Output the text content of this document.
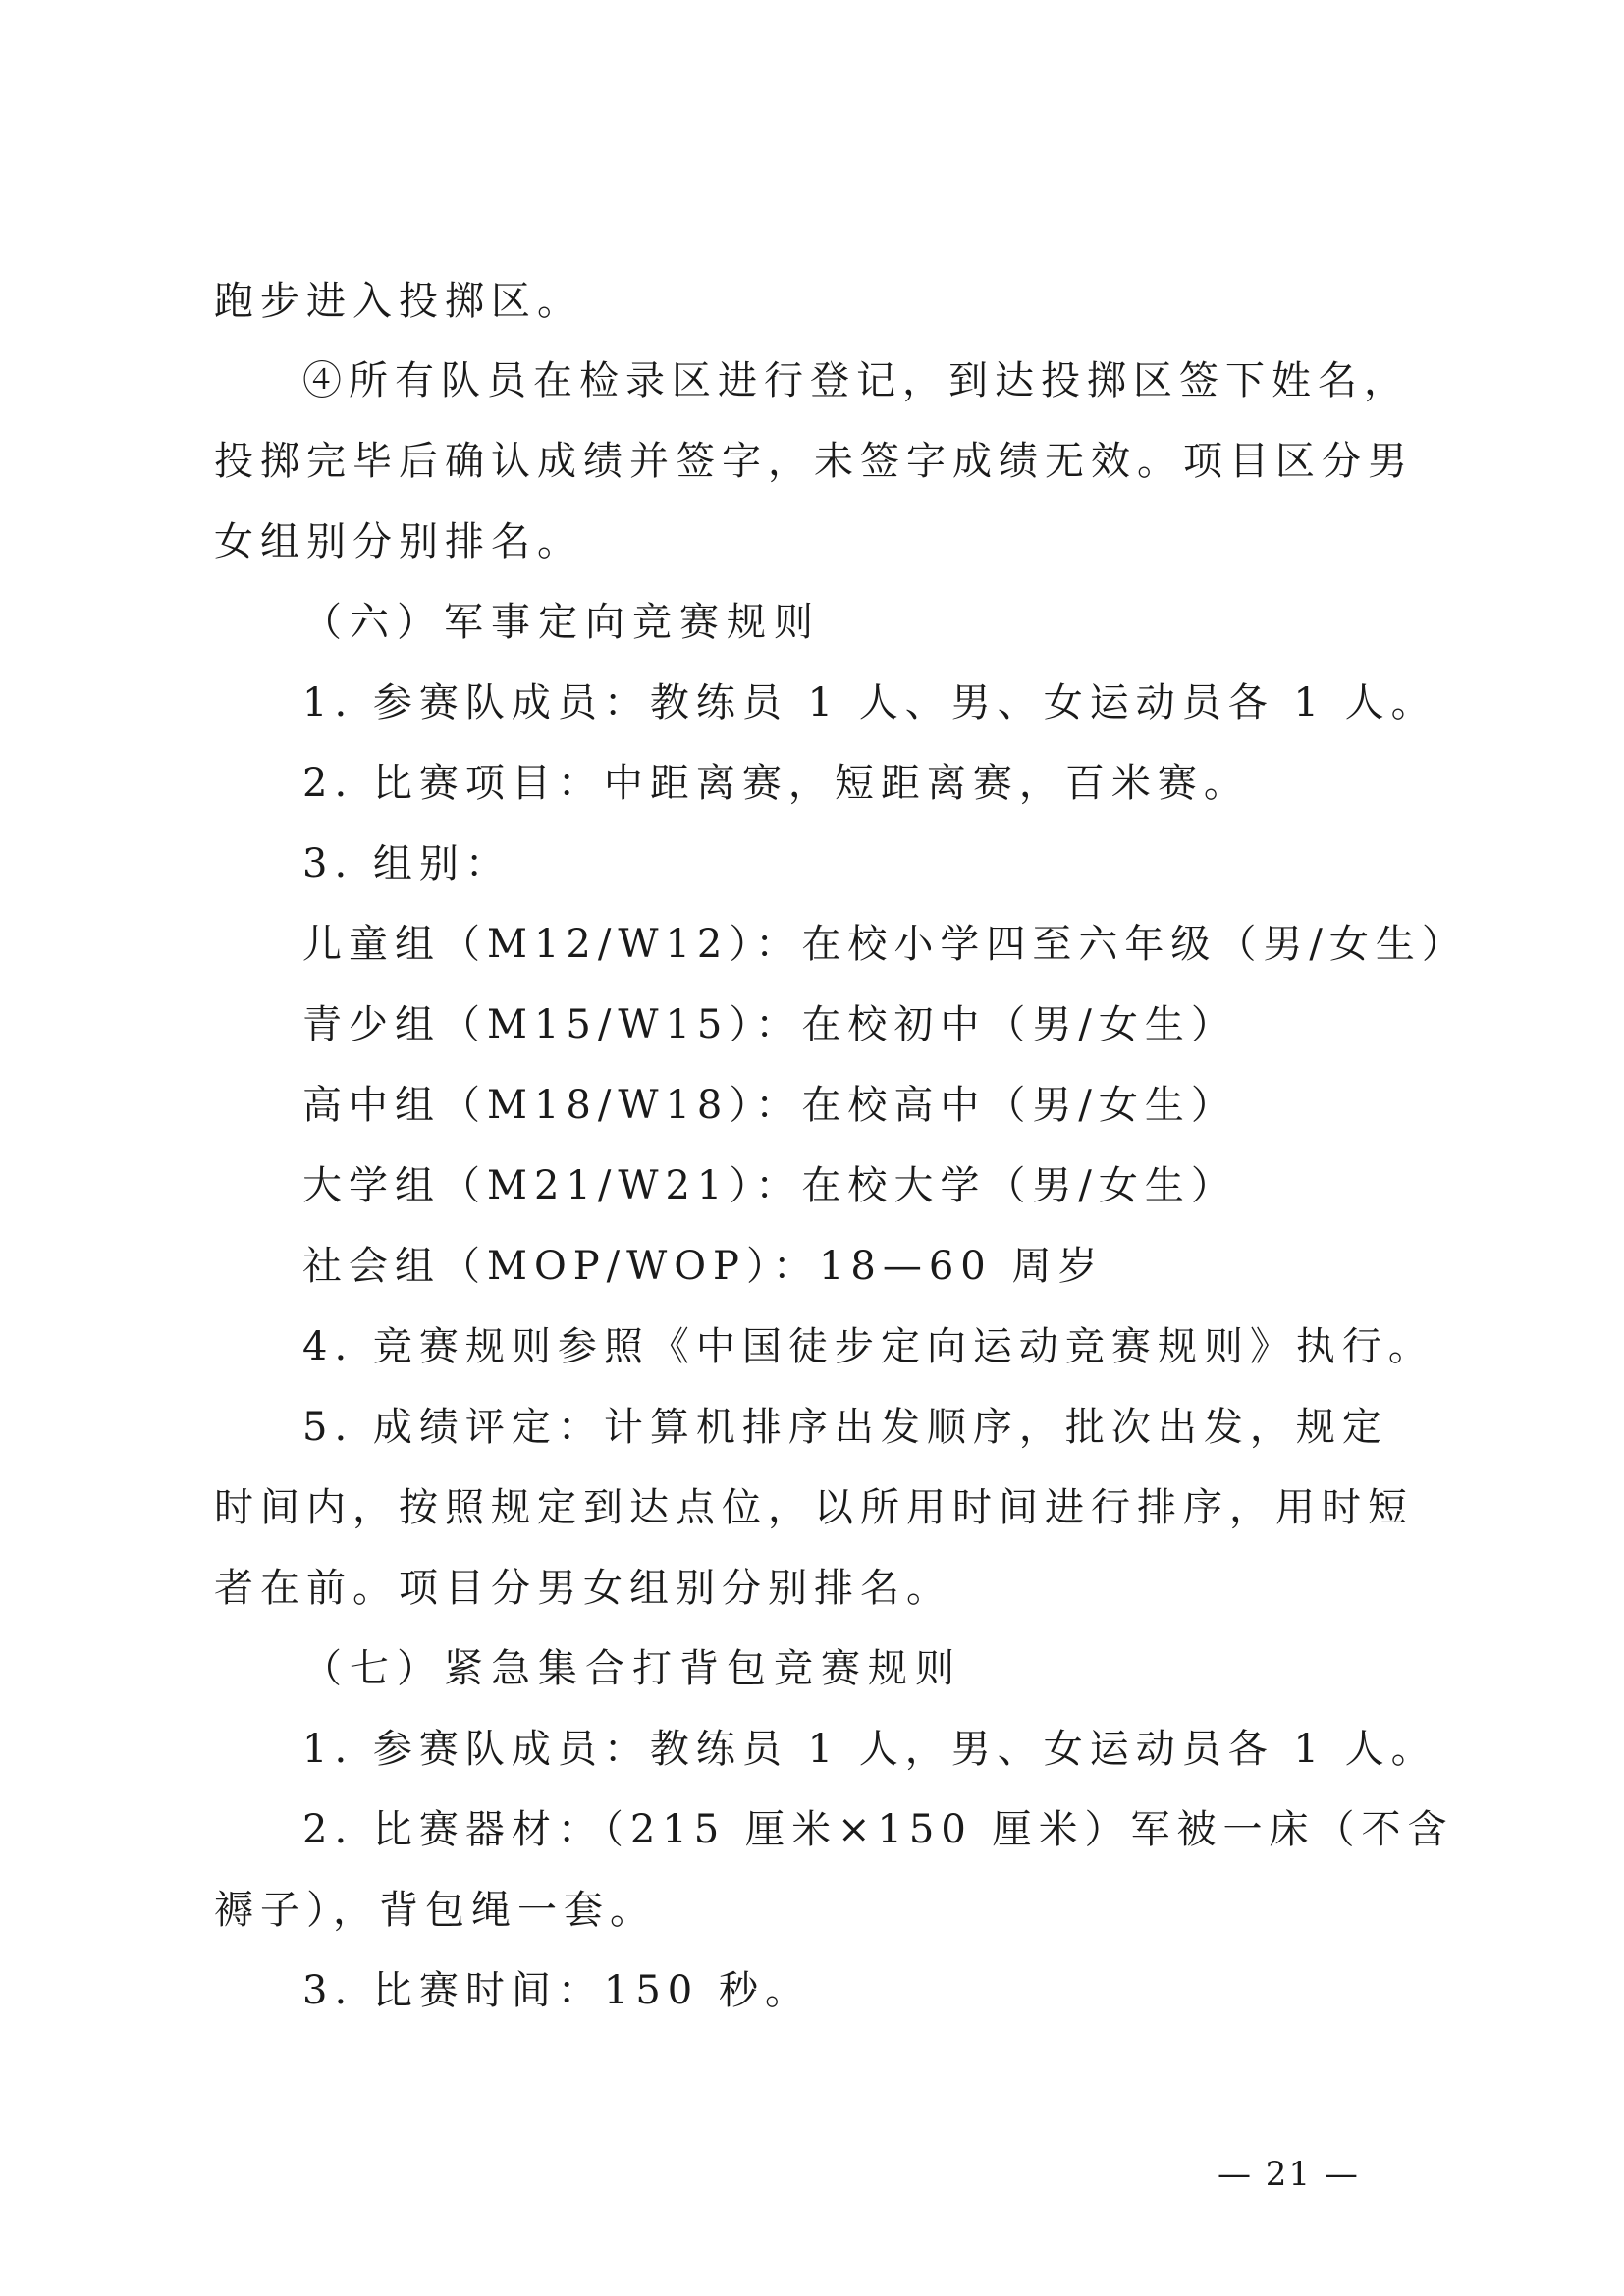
跑步进入投掷区。
④所有队员在检录区进行登记，到达投掷区签下姓名，
投掷完毕后确认成绩并签字，未签字成绩无效。项目区分男
女组别分别排名。
（六）军事定向竞赛规则
1. 参赛队成员：教练员 1 人、男、女运动员各 1 人。
2. 比赛项目：中距离赛，短距离赛，百米赛。
3. 组别：
儿童组（M12/W12）：在校小学四至六年级（男/女生）
青少组（M15/W15）：在校初中（男/女生）
高中组（M18/W18）：在校高中（男/女生）
大学组（M21/W21）：在校大学（男/女生）
社会组（MOP/WOP）：18—60 周岁
4. 竞赛规则参照《中国徒步定向运动竞赛规则》执行。
5. 成绩评定：计算机排序出发顺序，批次出发，规定
时间内，按照规定到达点位，以所用时间进行排序，用时短
者在前。项目分男女组别分别排名。
（七）紧急集合打背包竞赛规则
1. 参赛队成员：教练员 1 人，男、女运动员各 1 人。
2. 比赛器材：（215 厘米×150 厘米）军被一床（不含
褥子），背包绳一套。
3. 比赛时间：150 秒。
— 21 —
